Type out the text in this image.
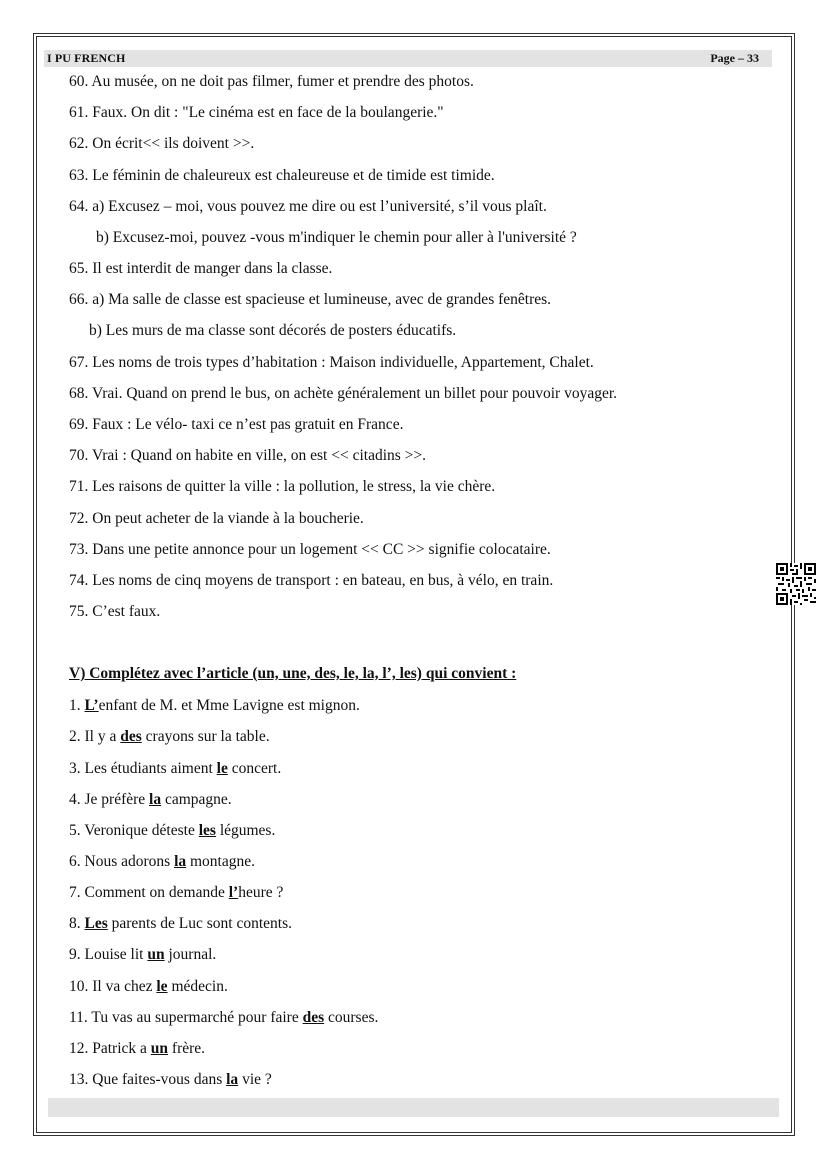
I PU FRENCH	Page – 33
60. Au musée, on ne doit pas filmer, fumer et prendre des photos.
61. Faux. On dit : "Le cinéma est en face de la boulangerie."
62. On écrit<< ils doivent >>.
63. Le féminin de chaleureux est chaleureuse et de timide est timide.
64. a) Excusez – moi, vous pouvez me dire ou est l’université, s’il vous plaît.
b) Excusez-moi, pouvez -vous m'indiquer le chemin pour aller à l'université ?
65. Il est interdit de manger dans la classe.
66. a) Ma salle de classe est spacieuse et lumineuse, avec de grandes fenêtres.
b) Les murs de ma classe sont décorés de posters éducatifs.
67. Les noms de trois types d’habitation : Maison individuelle, Appartement, Chalet.
68. Vrai. Quand on prend le bus, on achète généralement un billet pour pouvoir voyager.
69. Faux : Le vélo- taxi ce n’est pas gratuit en France.
70. Vrai : Quand on habite en ville, on est << citadins >>.
71. Les raisons de quitter la ville : la pollution, le stress, la vie chère.
72. On peut acheter de la viande à la boucherie.
73. Dans une petite annonce pour un logement << CC >> signifie colocataire.
74. Les noms de cinq moyens de transport : en bateau, en bus, à vélo, en train.
75. C’est faux.
V) Complétez avec l’article (un, une, des, le, la, l’, les) qui convient :
1. L’enfant de M. et Mme Lavigne est mignon.
2. Il y a des crayons sur la table.
3. Les étudiants aiment le concert.
4. Je préfère la campagne.
5. Veronique déteste les légumes.
6. Nous adorons la montagne.
7. Comment on demande l’heure ?
8. Les parents de Luc sont contents.
9. Louise lit un journal.
10. Il va chez le médecin.
11. Tu vas au supermarché pour faire des courses.
12. Patrick a un frère.
13. Que faites-vous dans la vie ?
